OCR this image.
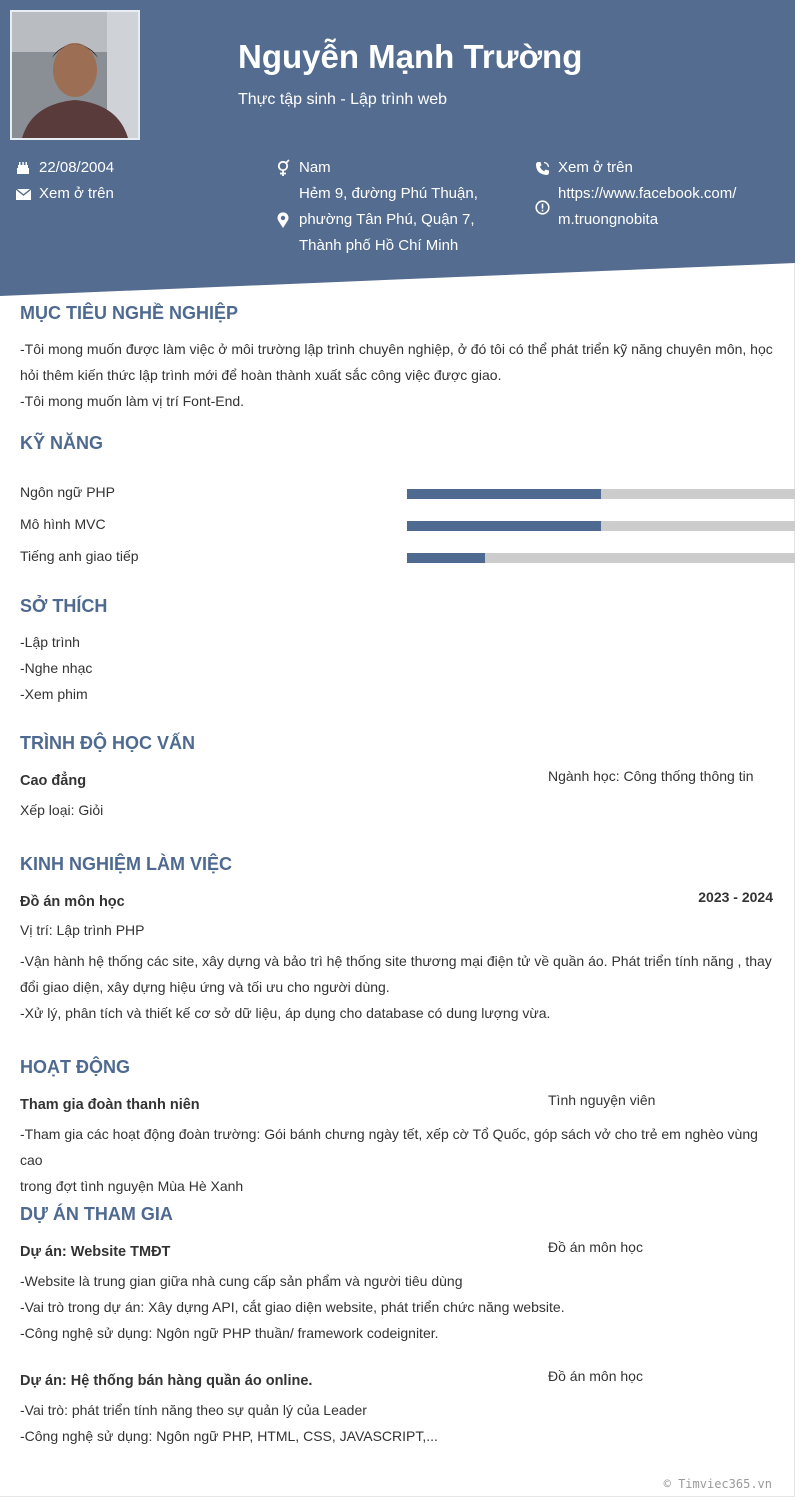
Nguyễn Mạnh Trường
Thực tập sinh - Lập trình web
22/08/2004
Xem ở trên
Nam
Hẻm 9, đường Phú Thuận,
phường Tân Phú, Quận 7,
Thành phố Hồ Chí Minh
Xem ở trên
https://www.facebook.com/
m.truongnobita
MỤC TIÊU NGHỀ NGHIỆP
-Tôi mong muốn được làm việc ở môi trường lập trình chuyên nghiệp, ở đó tôi có thể phát triển kỹ năng chuyên môn, học
hỏi thêm kiến thức lập trình mới để hoàn thành xuất sắc công việc được giao.
-Tôi mong muốn làm vị trí Font-End.
KỸ NĂNG
Ngôn ngữ PHP
Mô hình MVC
Tiếng anh giao tiếp
SỞ THÍCH
-Lập trình
-Nghe nhạc
-Xem phim
TRÌNH ĐỘ HỌC VẤN
Cao đẳng	Ngành học: Công thống thông tin
Xếp loại: Giỏi
KINH NGHIỆM LÀM VIỆC
Đồ án môn học	2023 - 2024
Vị trí: Lập trình PHP
-Vận hành hệ thống các site, xây dựng và bảo trì hệ thống site thương mại điện tử về quần áo. Phát triển tính năng , thay
đổi giao diện, xây dựng hiệu ứng và tối ưu cho người dùng.
-Xử lý, phân tích và thiết kế cơ sở dữ liệu, áp dụng cho database có dung lượng vừa.
HOẠT ĐỘNG
Tham gia đoàn thanh niên	Tình nguyện viên
-Tham gia các hoạt động đoàn trường: Gói bánh chưng ngày tết, xếp cờ Tổ Quốc, góp sách vở cho trẻ em nghèo vùng cao
trong đợt tình nguyện Mùa Hè Xanh
DỰ ÁN THAM GIA
Dự án: Website TMĐT	Đồ án môn học
-Website là trung gian giữa nhà cung cấp sản phẩm và người tiêu dùng
-Vai trò trong dự án: Xây dựng API, cắt giao diện website, phát triển chức năng website.
-Công nghệ sử dụng: Ngôn ngữ PHP thuần/ framework codeigniter.
Dự án: Hệ thống bán hàng quần áo online.	Đồ án môn học
-Vai trò: phát triển tính năng theo sự quản lý của Leader
-Công nghệ sử dụng: Ngôn ngữ PHP, HTML, CSS, JAVASCRIPT,...
© Timviec365.vn
